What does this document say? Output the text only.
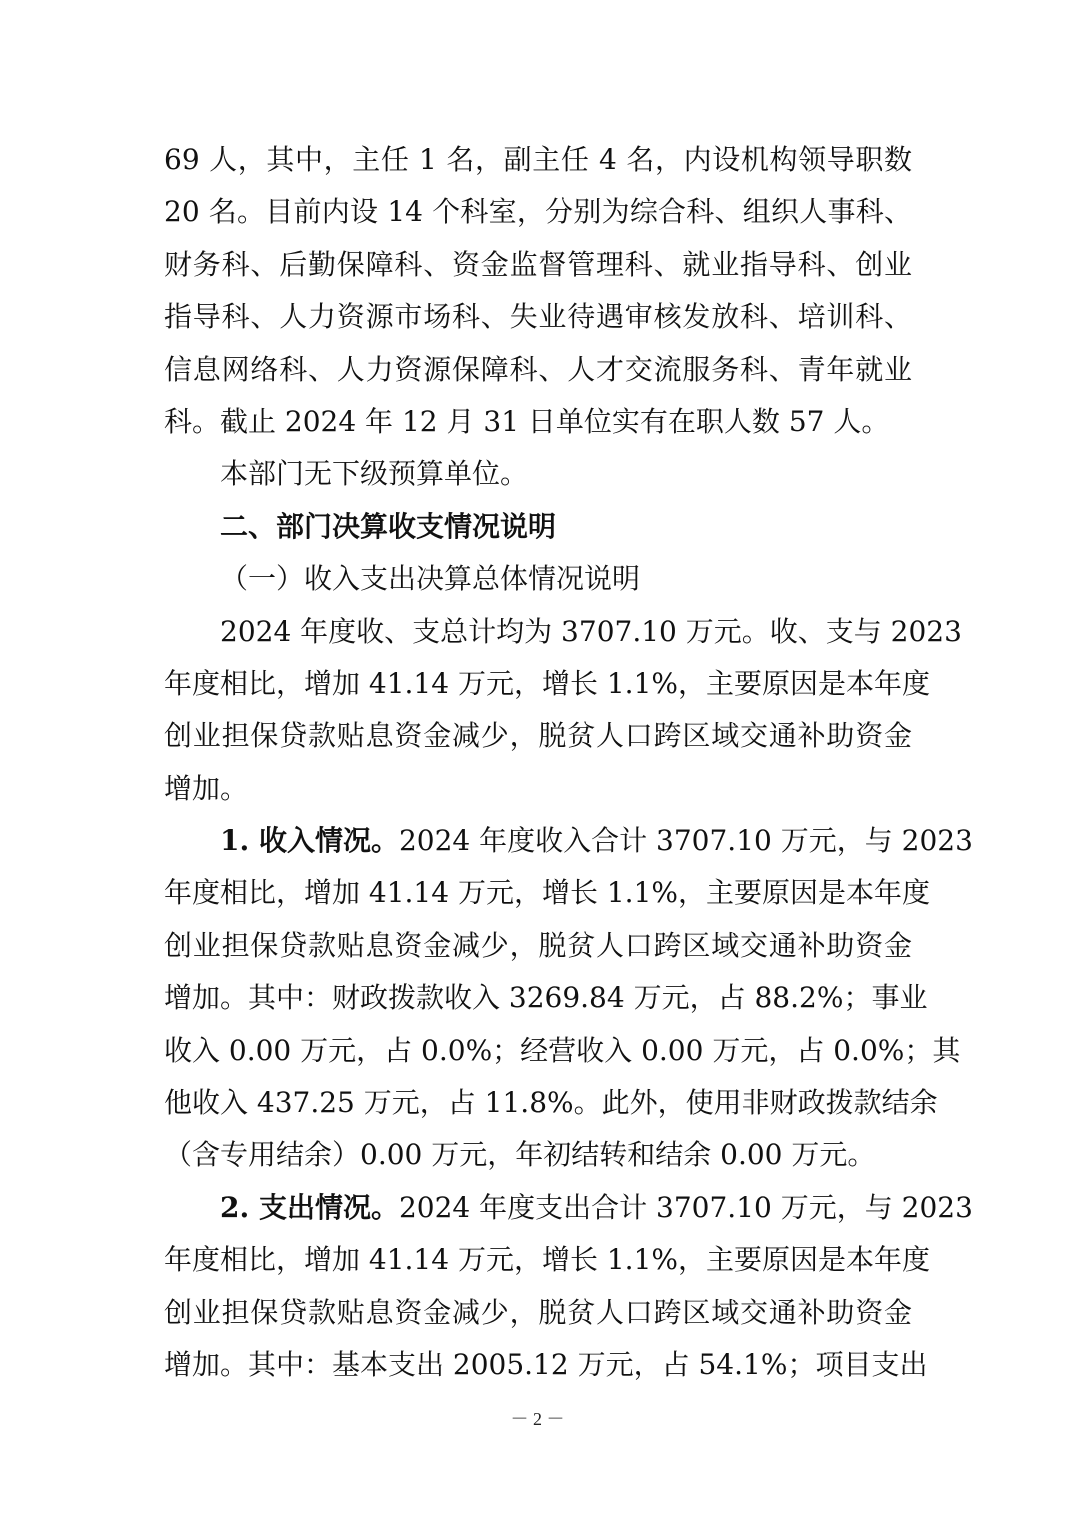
69 人，其中，主任 1 名，副主任 4 名，内设机构领导职数
20 名。目前内设 14 个科室，分别为综合科、组织人事科、
财务科、后勤保障科、资金监督管理科、就业指导科、创业
指导科、人力资源市场科、失业待遇审核发放科、培训科、
信息网络科、人力资源保障科、人才交流服务科、青年就业
科。截止 2024 年 12 月 31 日单位实有在职人数 57 人。
本部门无下级预算单位。
二、部门决算收支情况说明
（一）收入支出决算总体情况说明
2024 年度收、支总计均为 3707.10 万元。收、支与 2023
年度相比，增加 41.14 万元，增长 1.1%，主要原因是本年度
创业担保贷款贴息资金减少，脱贫人口跨区域交通补助资金
增加。
1. 收入情况。2024 年度收入合计 3707.10 万元，与 2023
年度相比，增加 41.14 万元，增长 1.1%，主要原因是本年度
创业担保贷款贴息资金减少，脱贫人口跨区域交通补助资金
增加。其中：财政拨款收入 3269.84 万元，占 88.2%；事业
收入 0.00 万元，占 0.0%；经营收入 0.00 万元，占 0.0%；其
他收入 437.25 万元，占 11.8%。此外，使用非财政拨款结余
（含专用结余）0.00 万元，年初结转和结余 0.00 万元。
2. 支出情况。2024 年度支出合计 3707.10 万元，与 2023
年度相比，增加 41.14 万元，增长 1.1%，主要原因是本年度
创业担保贷款贴息资金减少，脱贫人口跨区域交通补助资金
增加。其中：基本支出 2005.12 万元，占 54.1%；项目支出
－ 2 －
